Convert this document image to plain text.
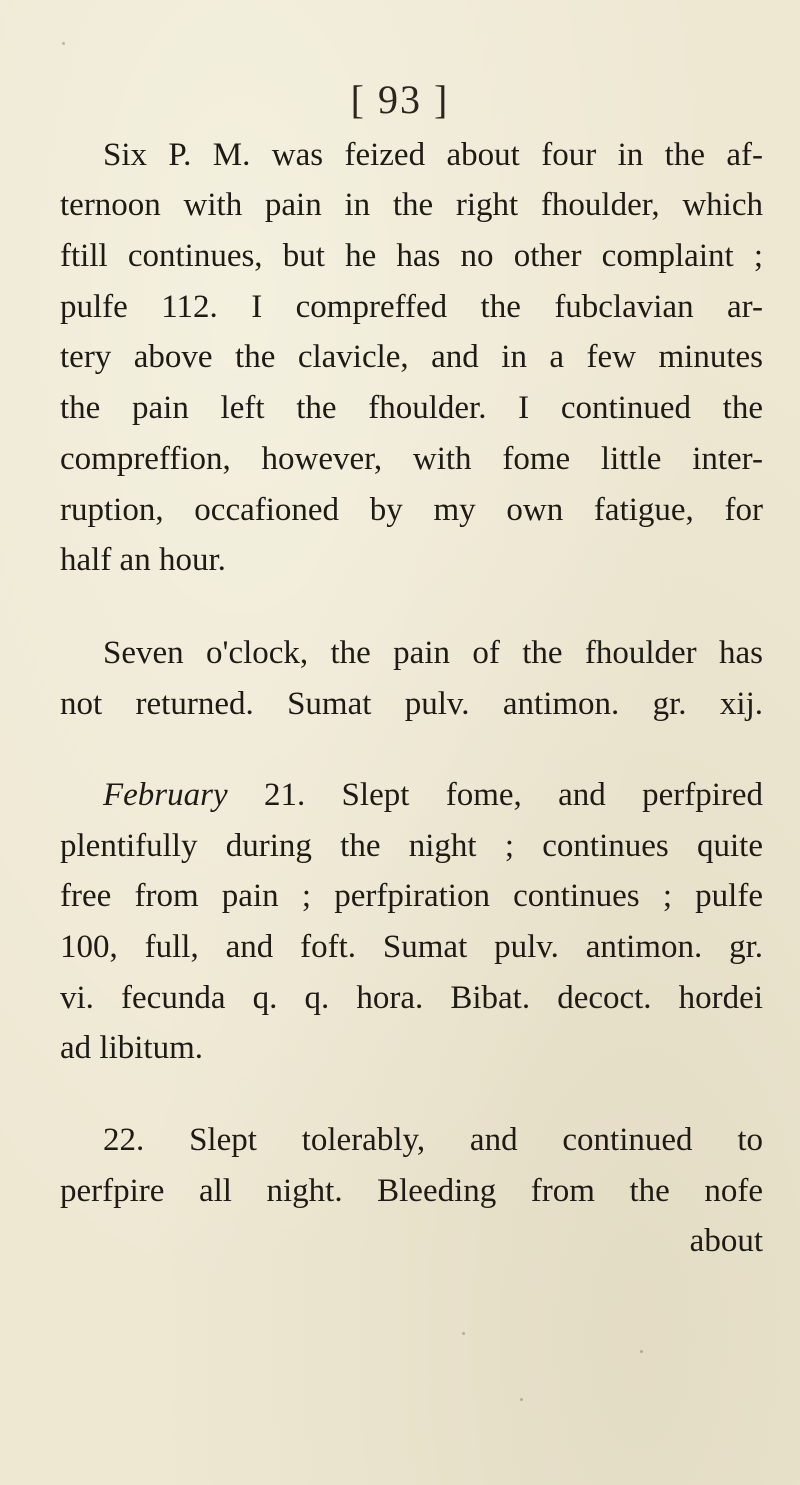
[ 93 ]
Six P. M. was feized about four in the af-
ternoon with pain in the right fhoulder, which
ftill continues, but he has no other complaint ;
pulfe 112. I compreffed the fubclavian ar-
tery above the clavicle, and in a few minutes
the pain left the fhoulder. I continued the
compreffion, however, with fome little inter-
ruption, occafioned by my own fatigue, for
half an hour.
Seven o'clock, the pain of the fhoulder has
not returned. Sumat pulv. antimon. gr. xij.
February 21. Slept fome, and perfpired
plentifully during the night ; continues quite
free from pain ; perfpiration continues ; pulfe
100, full, and foft. Sumat pulv. antimon. gr.
vi. fecunda q. q. hora. Bibat. decoct. hordei
ad libitum.
22. Slept tolerably, and continued to
perfpire all night. Bleeding from the nofe
about
